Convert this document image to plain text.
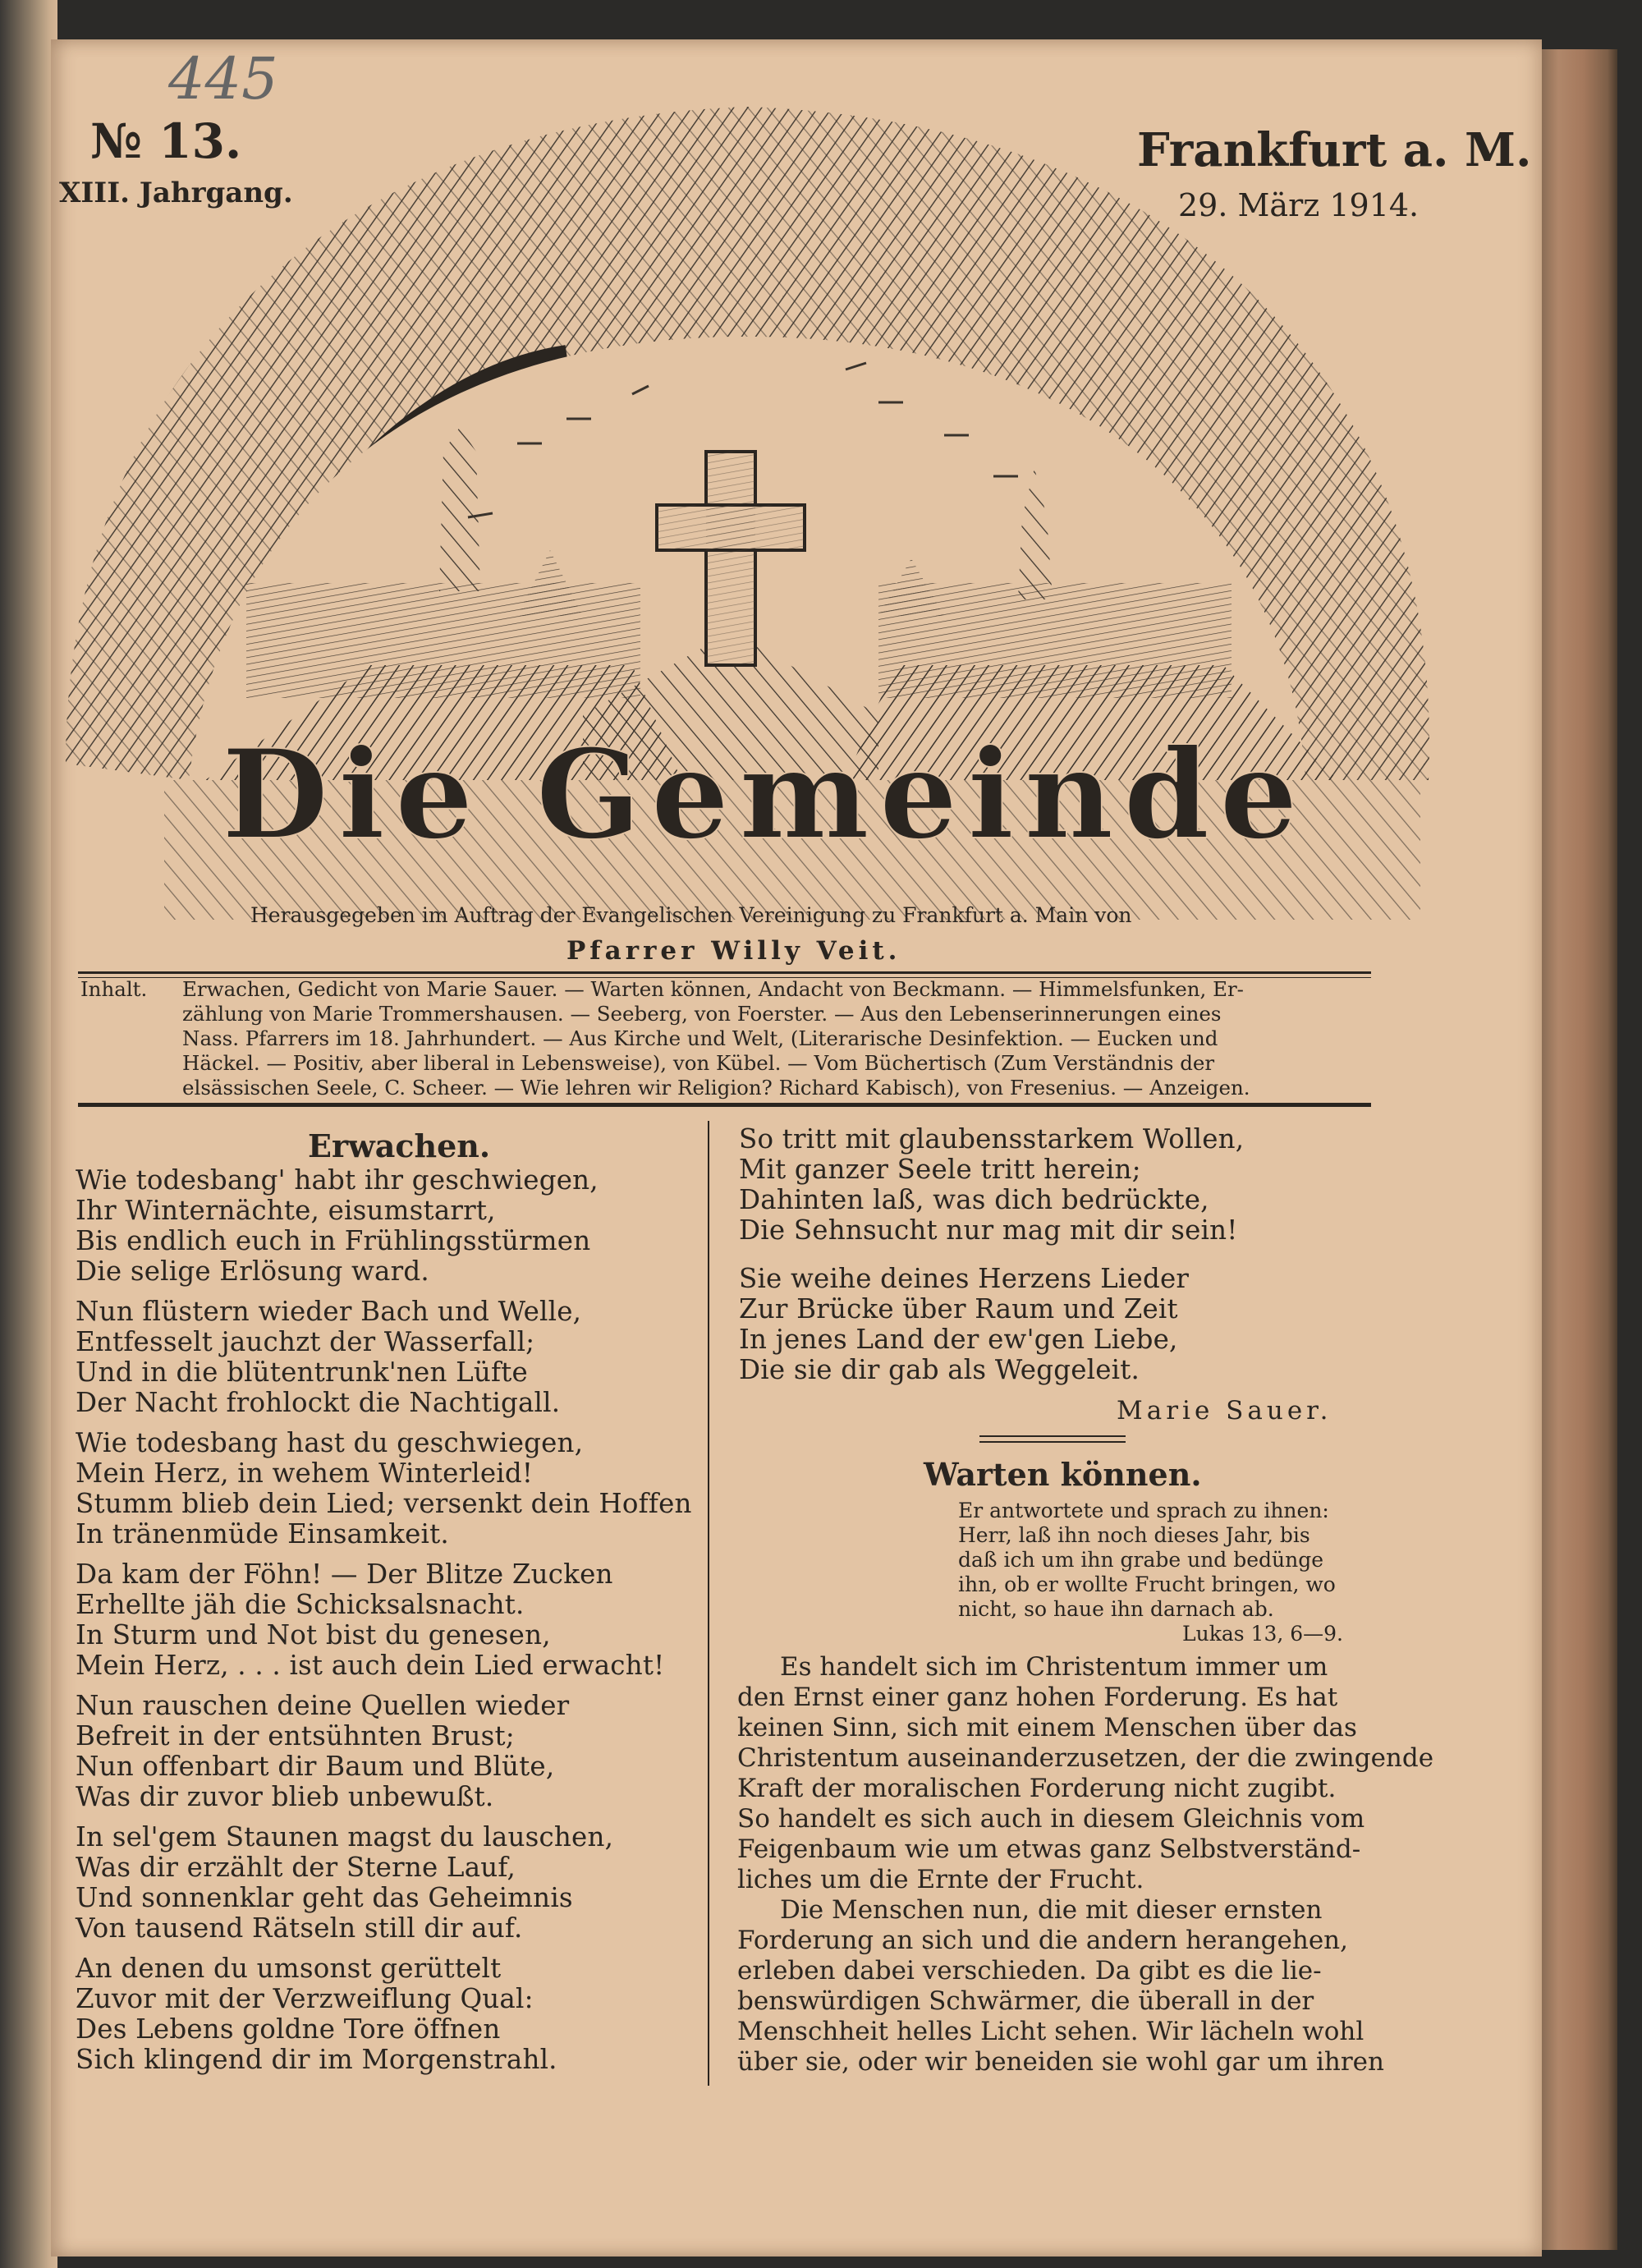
445
№ 13.
XIII. Jahrgang.
Frankfurt a. M.
29. März 1914.
Die Gemeinde
Herausgegeben im Auftrag der Evangelischen Vereinigung zu Frankfurt a. Main von
Pfarrer Willy Veit.
Inhalt. Erwachen, Gedicht von Marie Sauer. — Warten können, Andacht von Beckmann. — Himmelsfunken, Er-
zählung von Marie Trommershausen. — Seeberg, von Foerster. — Aus den Lebenserinnerungen eines
Nass. Pfarrers im 18. Jahrhundert. — Aus Kirche und Welt, (Literarische Desinfektion. — Eucken und
Häckel. — Positiv, aber liberal in Lebensweise), von Kübel. — Vom Büchertisch (Zum Verständnis der
elsässischen Seele, C. Scheer. — Wie lehren wir Religion? Richard Kabisch), von Fresenius. — Anzeigen.
Erwachen.
Wie todesbang' habt ihr geschwiegen,
Ihr Winternächte, eisumstarrt,
Bis endlich euch in Frühlingsstürmen
Die selige Erlösung ward.
Nun flüstern wieder Bach und Welle,
Entfesselt jauchzt der Wasserfall;
Und in die blütentrunk'nen Lüfte
Der Nacht frohlockt die Nachtigall.
Wie todesbang hast du geschwiegen,
Mein Herz, in wehem Winterleid!
Stumm blieb dein Lied; versenkt dein Hoffen
In tränenmüde Einsamkeit.
Da kam der Föhn! — Der Blitze Zucken
Erhellte jäh die Schicksalsnacht.
In Sturm und Not bist du genesen,
Mein Herz, . . . ist auch dein Lied erwacht!
Nun rauschen deine Quellen wieder
Befreit in der entsühnten Brust;
Nun offenbart dir Baum und Blüte,
Was dir zuvor blieb unbewußt.
In sel'gem Staunen magst du lauschen,
Was dir erzählt der Sterne Lauf,
Und sonnenklar geht das Geheimnis
Von tausend Rätseln still dir auf.
An denen du umsonst gerüttelt
Zuvor mit der Verzweiflung Qual:
Des Lebens goldne Tore öffnen
Sich klingend dir im Morgenstrahl.
So tritt mit glaubensstarkem Wollen,
Mit ganzer Seele tritt herein;
Dahinten laß, was dich bedrückte,
Die Sehnsucht nur mag mit dir sein!
Sie weihe deines Herzens Lieder
Zur Brücke über Raum und Zeit
In jenes Land der ew'gen Liebe,
Die sie dir gab als Weggeleit.
Marie Sauer.
Warten können.
Er antwortete und sprach zu ihnen:
Herr, laß ihn noch dieses Jahr, bis
daß ich um ihn grabe und bedünge
ihn, ob er wollte Frucht bringen, wo
nicht, so haue ihn darnach ab.
Lukas 13, 6—9.
Es handelt sich im Christentum immer um
den Ernst einer ganz hohen Forderung. Es hat
keinen Sinn, sich mit einem Menschen über das
Christentum auseinanderzusetzen, der die zwingende
Kraft der moralischen Forderung nicht zugibt.
So handelt es sich auch in diesem Gleichnis vom
Feigenbaum wie um etwas ganz Selbstverständ-
liches um die Ernte der Frucht.
Die Menschen nun, die mit dieser ernsten
Forderung an sich und die andern herangehen,
erleben dabei verschieden. Da gibt es die lie-
benswürdigen Schwärmer, die überall in der
Menschheit helles Licht sehen. Wir lächeln wohl
über sie, oder wir beneiden sie wohl gar um ihren
